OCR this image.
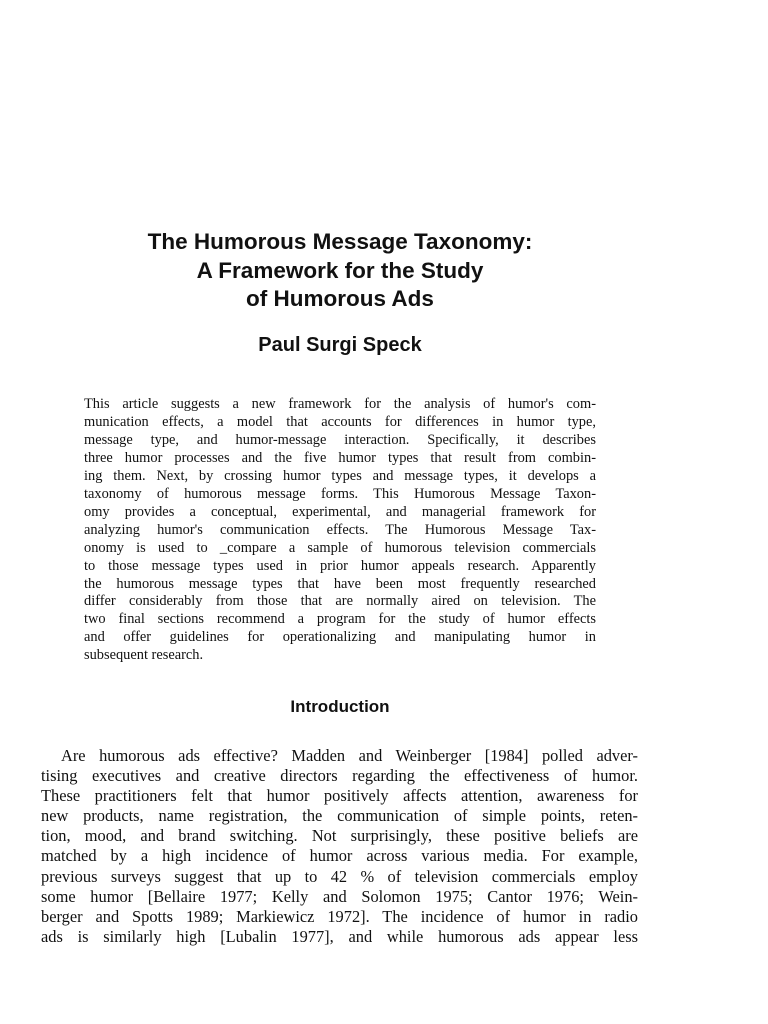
The Humorous Message Taxonomy:
A Framework for the Study
of Humorous Ads
Paul Surgi Speck
This article suggests a new framework for the analysis of humor's com-
munication effects, a model that accounts for differences in humor type,
message type, and humor-message interaction. Specifically, it describes
three humor processes and the five humor types that result from combin-
ing them. Next, by crossing humor types and message types, it develops a
taxonomy of humorous message forms. This Humorous Message Taxon-
omy provides a conceptual, experimental, and managerial framework for
analyzing humor's communication effects. The Humorous Message Tax-
onomy is used to _compare a sample of humorous television commercials
to those message types used in prior humor appeals research. Apparently
the humorous message types that have been most frequently researched
differ considerably from those that are normally aired on television. The
two final sections recommend a program for the study of humor effects
and offer guidelines for operationalizing and manipulating humor in
subsequent research.
Introduction
Are humorous ads effective? Madden and Weinberger [1984] polled adver-
tising executives and creative directors regarding the effectiveness of humor.
These practitioners felt that humor positively affects attention, awareness for
new products, name registration, the communication of simple points, reten-
tion, mood, and brand switching. Not surprisingly, these positive beliefs are
matched by a high incidence of humor across various media. For example,
previous surveys suggest that up to 42 % of television commercials employ
some humor [Bellaire 1977; Kelly and Solomon 1975; Cantor 1976; Wein-
berger and Spotts 1989; Markiewicz 1972]. The incidence of humor in radio
ads is similarly high [Lubalin 1977], and while humorous ads appear less
